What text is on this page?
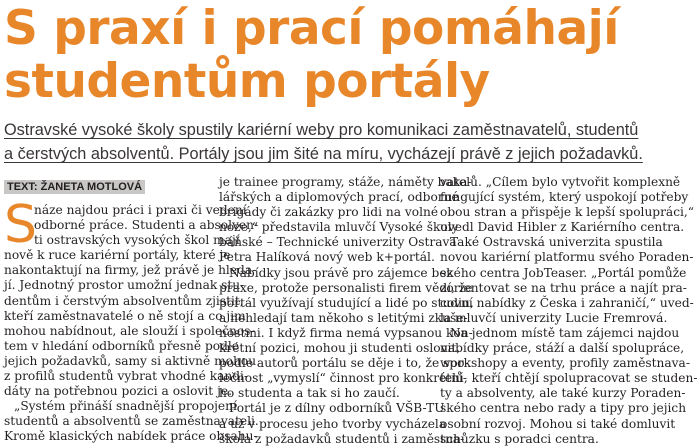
S praxí i prací pomáhají
studentům portály
Ostravské vysoké školy spustily kariérní weby pro komunikaci zaměstnavatelů, studentů
a čerstvých absolventů. Portály jsou jim šité na míru, vycházejí právě z jejich požadavků.
TEXT: ŽANETA MOTLOVÁ
S
náze najdou práci i praxi či vedení
odborné práce. Studenti a absolven-
ti ostravských vysokých škol mají
nově k ruce kariérní portály, které je
nakontaktují na firmy, jež právě je hleda-
jí. Jednotný prostor umožní jednak stu-
dentům i čerstvým absolventům zjistit,
kteří zaměstnavatelé o ně stojí a co jim
mohou nabídnout, ale slouží i společnos-
tem v hledání odborníků přesně podle
jejich požadavků, samy si aktivně mohou
z profilů studentů vybrat vhodné kandi-
dáty na potřebnou pozici a oslovit je.
„Systém přináší snadnější propojení
studentů a absolventů se zaměstnavateli.
Kromě klasických nabídek práce obsahu-
je trainee programy, stáže, náměty baka-
lářských a diplomových prací, odborné
brigády či zakázky pro lidi na volné
noze,“ představila mluvčí Vysoké školy
báňské – Technické univerzity Ostrava
Petra Halíková nový web k+portál.
Nabídky jsou právě pro zájemce bez
praxe, protože personalisti firem vědí, že
portál využívají studující a lidé po studiu,
a nehledají tam někoho s letitými zkuše-
nostmi. I když firma nemá vypsanou kon-
krétní pozici, mohou ji studenti oslovit,
podle autorů portálu se děje i to, že spo-
lečnost „vymyslí“ činnost pro konkrétní-
ho studenta a tak si ho zaučí.
Portál je z dílny odborníků VŠB-TU
a už v procesu jeho tvorby vycházela
škola z požadavků studentů i zaměstna-
vatelů. „Cílem bylo vytvořit komplexně
fungující systém, který uspokojí potřeby
obou stran a přispěje k lepší spolupráci,“
uvedl David Hibler z Kariérního centra.
Také Ostravská univerzita spustila
novou kariérní platformu svého Poraden-
ského centra JobTeaser. „Portál pomůže
zorientovat se na trhu práce a najít pra-
covní nabídky z Česka i zahraničí,“ uved-
la mluvčí univerzity Lucie Fremrová.
Na jednom místě tam zájemci najdou
nabídky práce, stáží a další spolupráce,
workshopy a eventy, profily zaměstnava-
telů, kteří chtějí spolupracovat se studen-
ty a absolventy, ale také kurzy Poraden-
ského centra nebo rady a tipy pro jejich
osobní rozvoj. Mohou si také domluvit
schůzku s poradci centra.
